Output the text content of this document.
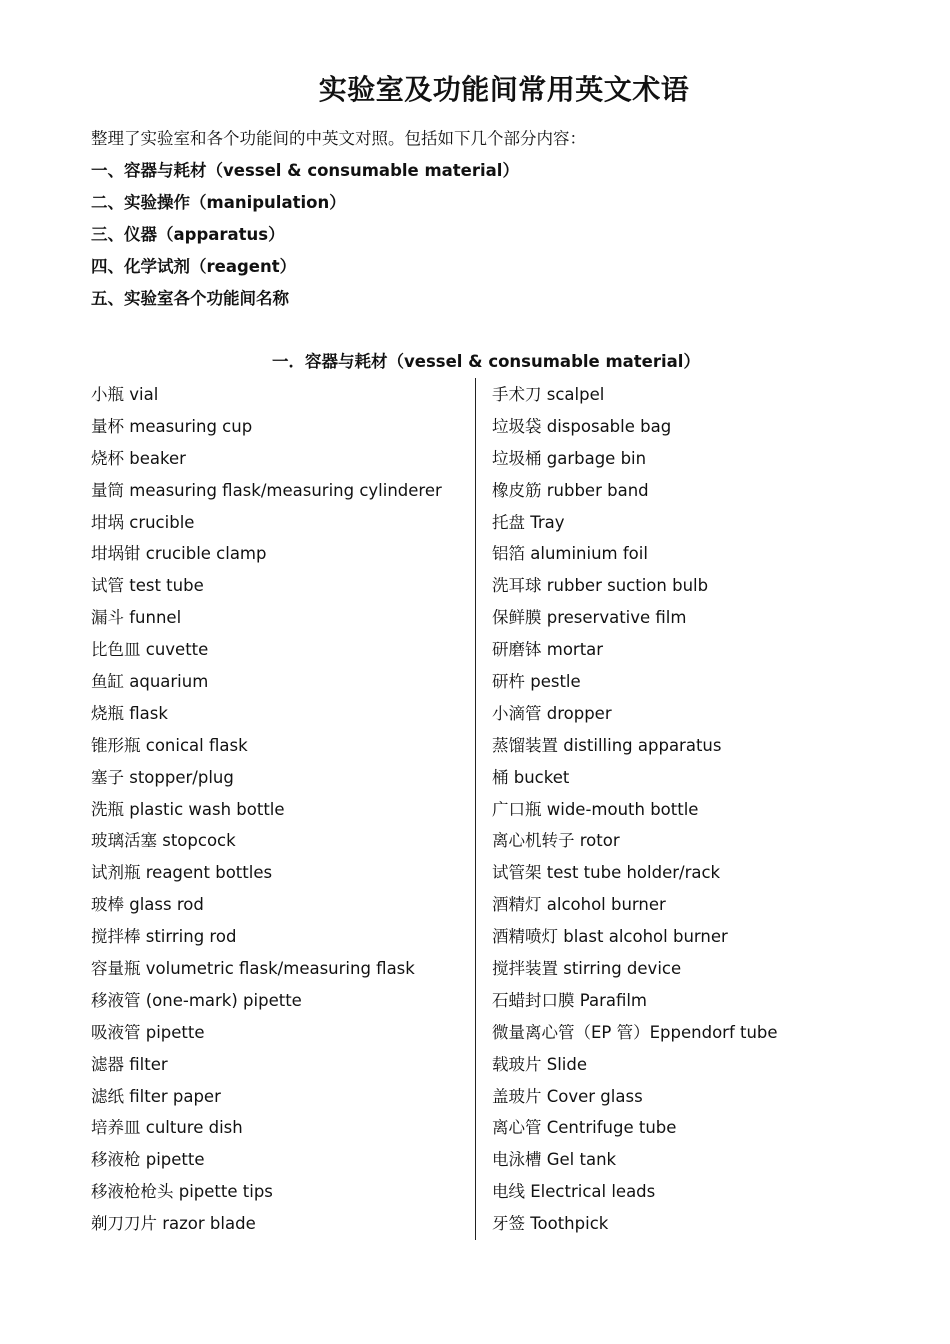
实验室及功能间常用英文术语
整理了实验室和各个功能间的中英文对照。包括如下几个部分内容：
一、容器与耗材（vessel & consumable material）
二、实验操作（manipulation）
三、仪器（apparatus）
四、化学试剂（reagent）
五、实验室各个功能间名称
一．容器与耗材（vessel & consumable material）
小瓶 vial
量杯 measuring cup
烧杯 beaker
量筒 measuring flask/measuring cylinderer
坩埚 crucible
坩埚钳 crucible clamp
试管 test tube
漏斗 funnel
比色皿 cuvette
鱼缸 aquarium
烧瓶 flask
锥形瓶 conical flask
塞子 stopper/plug
洗瓶 plastic wash bottle
玻璃活塞 stopcock
试剂瓶 reagent bottles
玻棒 glass rod
搅拌棒 stirring rod
容量瓶 volumetric flask/measuring flask
移液管 (one-mark) pipette
吸液管 pipette
滤器 filter
滤纸 filter paper
培养皿 culture dish
移液枪 pipette
移液枪枪头 pipette tips
剃刀刀片 razor blade
手术刀 scalpel
垃圾袋 disposable bag
垃圾桶 garbage bin
橡皮筋 rubber band
托盘 Tray
铝箔 aluminium foil
洗耳球 rubber suction bulb
保鲜膜 preservative film
研磨钵 mortar
研杵 pestle
小滴管 dropper
蒸馏装置 distilling apparatus
桶 bucket
广口瓶 wide-mouth bottle
离心机转子 rotor
试管架 test tube holder/rack
酒精灯 alcohol burner
酒精喷灯 blast alcohol burner
搅拌装置 stirring device
石蜡封口膜 Parafilm
微量离心管（EP 管）Eppendorf tube
载玻片 Slide
盖玻片 Cover glass
离心管 Centrifuge tube
电泳槽 Gel tank
电线 Electrical leads
牙签 Toothpick
